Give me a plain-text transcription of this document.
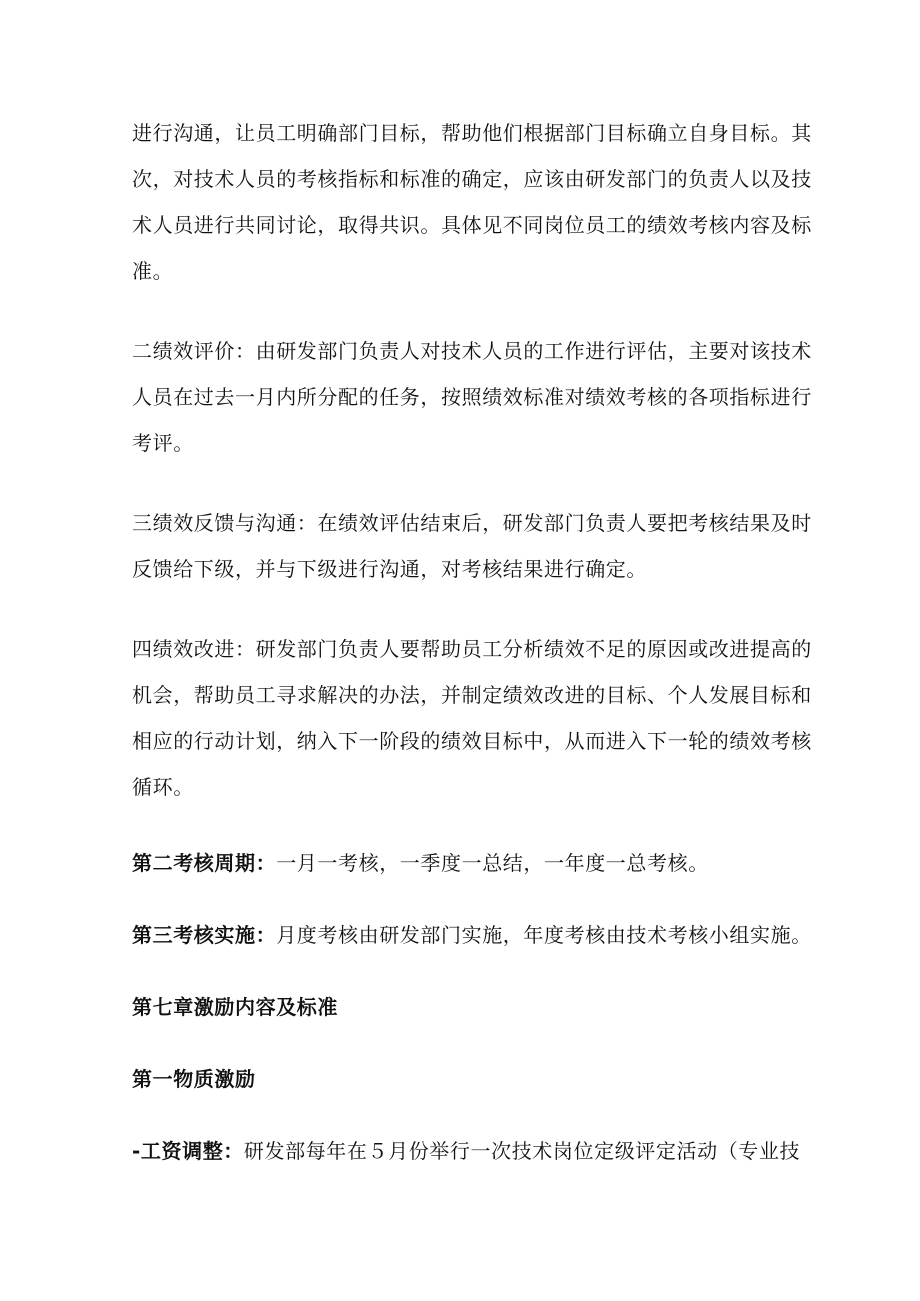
进行沟通，让员工明确部门目标，帮助他们根据部门目标确立自身目标。其
次，对技术人员的考核指标和标准的确定，应该由研发部门的负责人以及技
术人员进行共同讨论，取得共识。具体见不同岗位员工的绩效考核内容及标
准。

二绩效评价：由研发部门负责人对技术人员的工作进行评估，主要对该技术
人员在过去一月内所分配的任务，按照绩效标准对绩效考核的各项指标进行
考评。

三绩效反馈与沟通：在绩效评估结束后，研发部门负责人要把考核结果及时
反馈给下级，并与下级进行沟通，对考核结果进行确定。

四绩效改进：研发部门负责人要帮助员工分析绩效不足的原因或改进提高的
机会，帮助员工寻求解决的办法，并制定绩效改进的目标、个人发展目标和
相应的行动计划，纳入下一阶段的绩效目标中，从而进入下一轮的绩效考核
循环。

第二考核周期：一月一考核，一季度一总结，一年度一总考核。

第三考核实施：月度考核由研发部门实施，年度考核由技术考核小组实施。

第七章激励内容及标准

第一物质激励

-工资调整：研发部每年在５月份举行一次技术岗位定级评定活动（专业技
